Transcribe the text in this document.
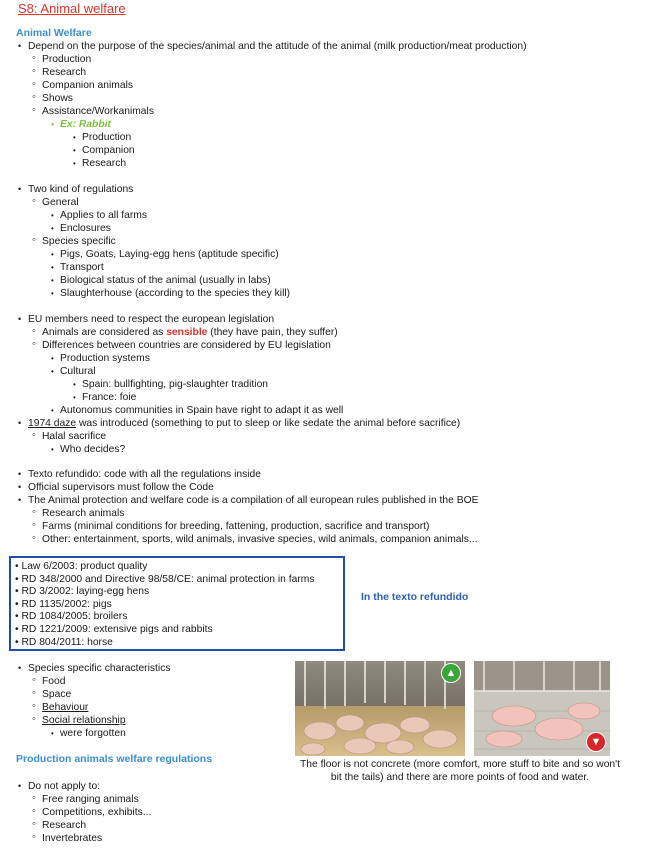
S8: Animal welfare
Animal Welfare
• Depend on the purpose of the species/animal and the attitude of the animal (milk production/meat production)
◦ Production
◦ Research
◦ Companion animals
◦ Shows
◦ Assistance/Workanimals
• Ex: Rabbit
• Production
• Companion
• Research
• Two kind of regulations
◦ General
• Applies to all farms
• Enclosures
◦ Species specific
• Pigs, Goats, Laying-egg hens (aptitude specific)
• Transport
• Biological status of the animal (usually in labs)
• Slaughterhouse (according to the species they kill)
• EU members need to respect the european legislation
◦ Animals are considered as sensible (they have pain, they suffer)
◦ Differences between countries are considered by EU legislation
• Production systems
• Cultural
• Spain: bullfighting, pig-slaughter tradition
• France: foie
• Autonomus communities in Spain have right to adapt it as well
• 1974 daze was introduced (something to put to sleep or like sedate the animal before sacrifice)
◦ Halal sacrifice
• Who decides?
• Texto refundido: code with all the regulations inside
• Official supervisors must follow the Code
• The Animal protection and welfare code is a compilation of all european rules published in the BOE
◦ Research animals
◦ Farms (minimal conditions for breeding, fattening, production, sacrifice and transport)
◦ Other: entertainment, sports, wild animals, invasive species, wild animals, companion animals...
• Law 6/2003: product quality
• RD 348/2000 and Directive 98/58/CE: animal protection in farms
• RD 3/2002: laying-egg hens
• RD 1135/2002: pigs
• RD 1084/2005: broilers
• RD 1221/2009: extensive pigs and rabbits
• RD 804/2011: horse
In the texto refundido
• Species specific characteristics
◦ Food
◦ Space
◦ Behaviour
◦ Social relationship
• were forgotten
Production animals welfare regulations
• Do not apply to:
◦ Free ranging animals
◦ Competitions, exhibits...
◦ Research
◦ Invertebrates
▲
▼
The floor is not concrete (more comfort, more stuff to bite and so won't bit the tails) and there are more points of food and water.
